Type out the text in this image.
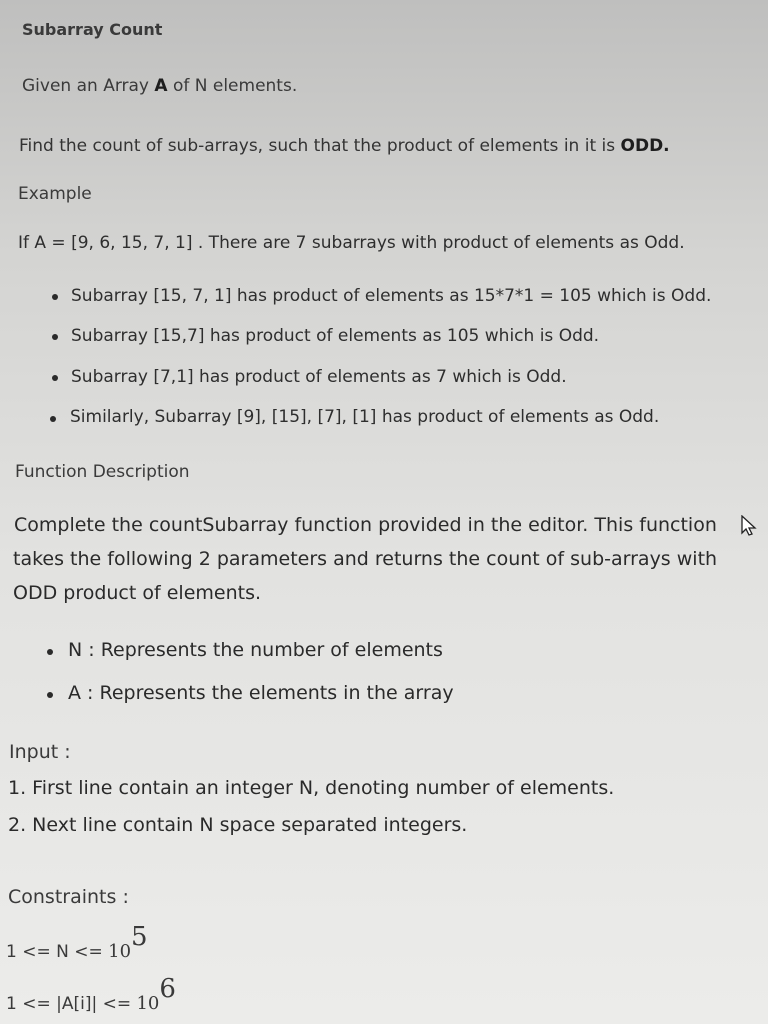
Subarray Count
Given an Array A of N elements.
Find the count of sub-arrays, such that the product of elements in it is ODD.
Example
If A = [9, 6, 15, 7, 1] . There are 7 subarrays with product of elements as Odd.
Subarray [15, 7, 1] has product of elements as 15*7*1 = 105 which is Odd.
Subarray [15,7] has product of elements as 105 which is Odd.
Subarray [7,1] has product of elements as 7 which is Odd.
Similarly, Subarray [9], [15], [7], [1] has product of elements as Odd.
Function Description
Complete the countSubarray function provided in the editor. This function
takes the following 2 parameters and returns the count of sub-arrays with
ODD product of elements.
N : Represents the number of elements
A : Represents the elements in the array
Input :
1. First line contain an integer N, denoting number of elements.
2. Next line contain N space separated integers.
Constraints :
1 <= N <= 105
1 <= |A[i]| <= 106
